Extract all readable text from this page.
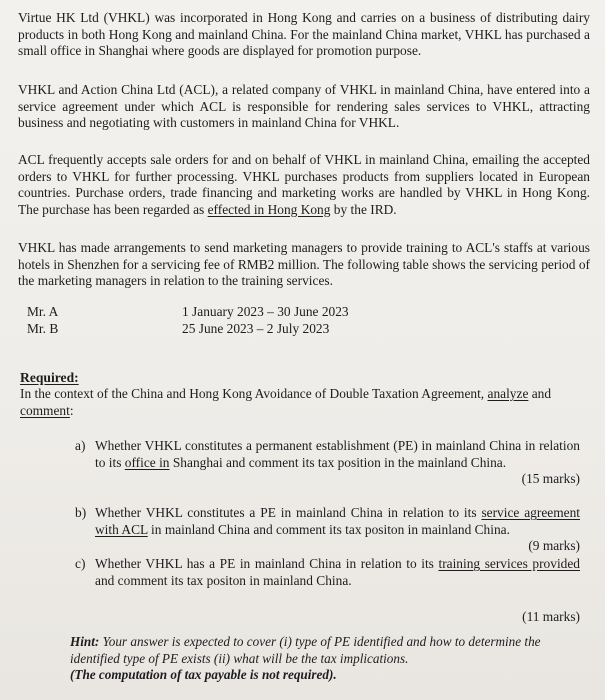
Virtue HK Ltd (VHKL) was incorporated in Hong Kong and carries on a business of distributing dairy products in both Hong Kong and mainland China. For the mainland China market, VHKL has purchased a small office in Shanghai where goods are displayed for promotion purpose.

VHKL and Action China Ltd (ACL), a related company of VHKL in mainland China, have entered into a service agreement under which ACL is responsible for rendering sales services to VHKL, attracting business and negotiating with customers in mainland China for VHKL.

ACL frequently accepts sale orders for and on behalf of VHKL in mainland China, emailing the accepted orders to VHKL for further processing. VHKL purchases products from suppliers located in European countries. Purchase orders, trade financing and marketing works are handled by VHKL in Hong Kong. The purchase has been regarded as effected in Hong Kong by the IRD.

VHKL has made arrangements to send marketing managers to provide training to ACL's staffs at various hotels in Shenzhen for a servicing fee of RMB2 million. The following table shows the servicing period of the marketing managers in relation to the training services.

Mr. A	1 January 2023 – 30 June 2023
Mr. B	25 June 2023 – 2 July 2023

Required:

In the context of the China and Hong Kong Avoidance of Double Taxation Agreement, analyze and comment:

a) Whether VHKL constitutes a permanent establishment (PE) in mainland China in relation to its office in Shanghai and comment its tax position in the mainland China.
(15 marks)
b) Whether VHKL constitutes a PE in mainland China in relation to its service agreement with ACL in mainland China and comment its tax positon in mainland China.
(9 marks)
c) Whether VHKL has a PE in mainland China in relation to its training services provided and comment its tax positon in mainland China.
(11 marks)

Hint: Your answer is expected to cover (i) type of PE identified and how to determine the identified type of PE exists (ii) what will be the tax implications.
(The computation of tax payable is not required).
